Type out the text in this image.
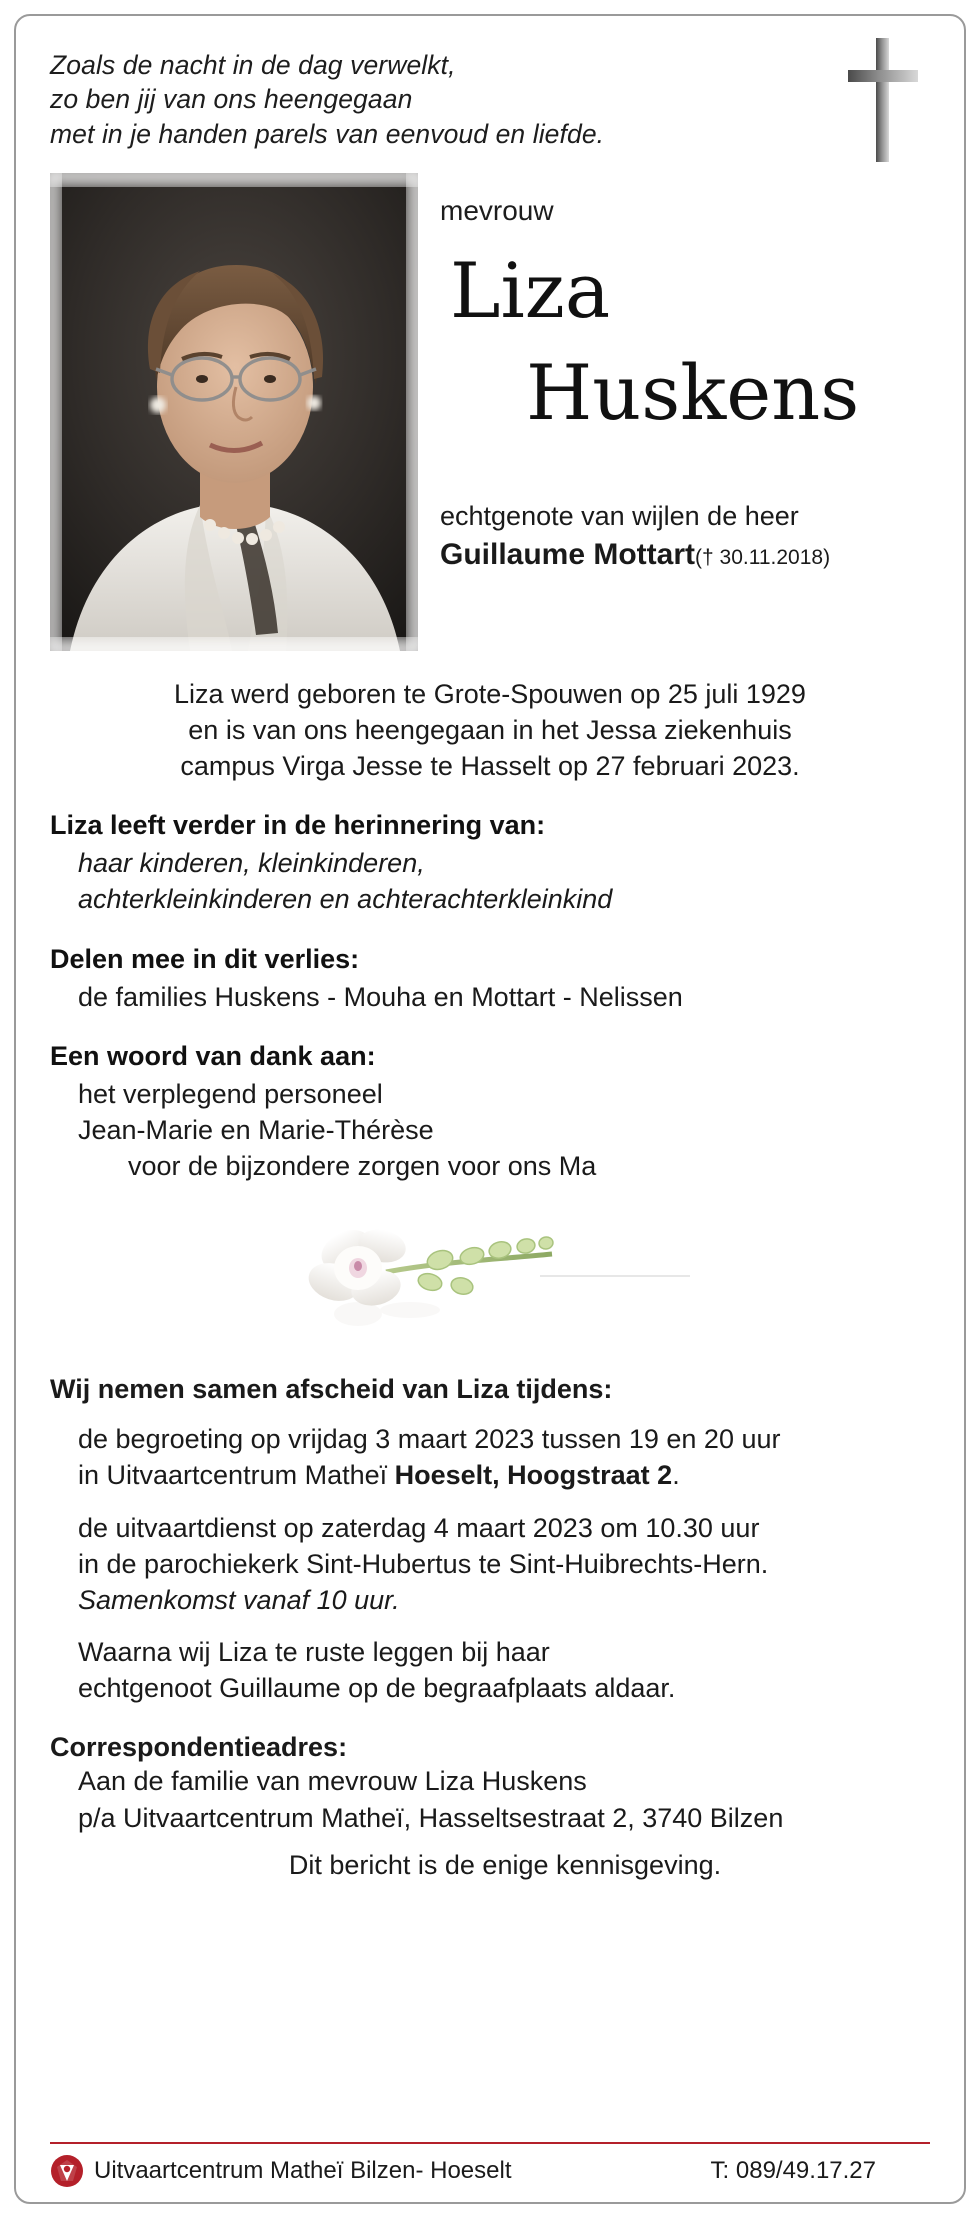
Zoals de nacht in de dag verwelkt,
zo ben jij van ons heengegaan
met in je handen parels van eenvoud en liefde.
mevrouw
Liza
Huskens
echtgenote van wijlen de heer
Guillaume Mottart(† 30.11.2018)
Liza werd geboren te Grote-Spouwen op 25 juli 1929
en is van ons heengegaan in het Jessa ziekenhuis
campus Virga Jesse te Hasselt op 27 februari 2023.
Liza leeft verder in de herinnering van:
haar kinderen, kleinkinderen,
achterkleinkinderen en achterachterkleinkind
Delen mee in dit verlies:
de families Huskens - Mouha en Mottart - Nelissen
Een woord van dank aan:
het verplegend personeel
Jean-Marie en Marie-Thérèse
voor de bijzondere zorgen voor ons Ma
Wij nemen samen afscheid van Liza tijdens:
de begroeting op vrijdag 3 maart 2023 tussen 19 en 20 uur
in Uitvaartcentrum Matheï Hoeselt, Hoogstraat 2.
de uitvaartdienst op zaterdag 4 maart 2023 om 10.30 uur
in de parochiekerk Sint-Hubertus te Sint-Huibrechts-Hern.
Samenkomst vanaf 10 uur.
Waarna wij Liza te ruste leggen bij haar
echtgenoot Guillaume op de begraafplaats aldaar.
Correspondentieadres:
Aan de familie van mevrouw Liza Huskens
p/a Uitvaartcentrum Matheï, Hasseltsestraat 2, 3740 Bilzen
Dit bericht is de enige kennisgeving.
Uitvaartcentrum Matheï Bilzen- Hoeselt	T: 089/49.17.27
